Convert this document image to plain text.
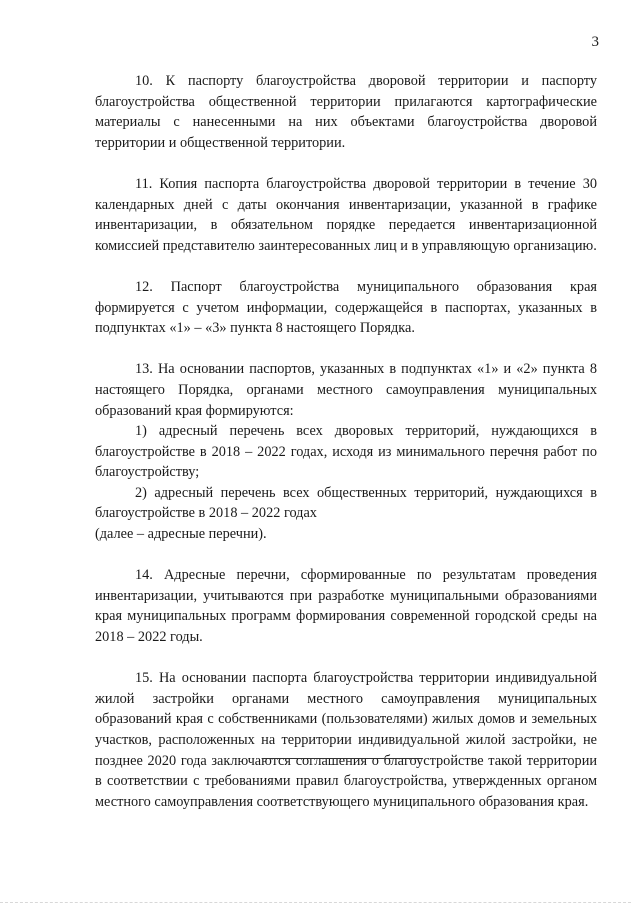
3

10. К паспорту благоустройства дворовой территории и паспорту благоустройства общественной территории прилагаются картографические материалы с нанесенными на них объектами благоустройства дворовой территории и общественной территории.

11. Копия паспорта благоустройства дворовой территории в течение 30 календарных дней с даты окончания инвентаризации, указанной в графике инвентаризации, в обязательном порядке передается инвентаризационной комиссией представителю заинтересованных лиц и в управляющую организацию.

12. Паспорт благоустройства муниципального образования края формируется с учетом информации, содержащейся в паспортах, указанных в подпунктах «1» – «3» пункта 8 настоящего Порядка.

13. На основании паспортов, указанных в подпунктах «1» и «2» пункта 8 настоящего Порядка, органами местного самоуправления муниципальных образований края формируются:

1) адресный перечень всех дворовых территорий, нуждающихся в благоустройстве в 2018 – 2022 годах, исходя из минимального перечня работ по благоустройству;

2) адресный перечень всех общественных территорий, нуждающихся в благоустройстве в 2018 – 2022 годах

(далее – адресные перечни).

14. Адресные перечни, сформированные по результатам проведения инвентаризации, учитываются при разработке муниципальными образованиями края муниципальных программ формирования современной городской среды на 2018 – 2022 годы.

15. На основании паспорта благоустройства территории индивидуальной жилой застройки органами местного самоуправления муниципальных образований края с собственниками (пользователями) жилых домов и земельных участков, расположенных на территории индивидуальной жилой застройки, не позднее 2020 года заключаются соглашения о благоустройстве такой территории в соответствии с требованиями правил благоустройства, утвержденных органом местного самоуправления соответствующего муниципального образования края.
